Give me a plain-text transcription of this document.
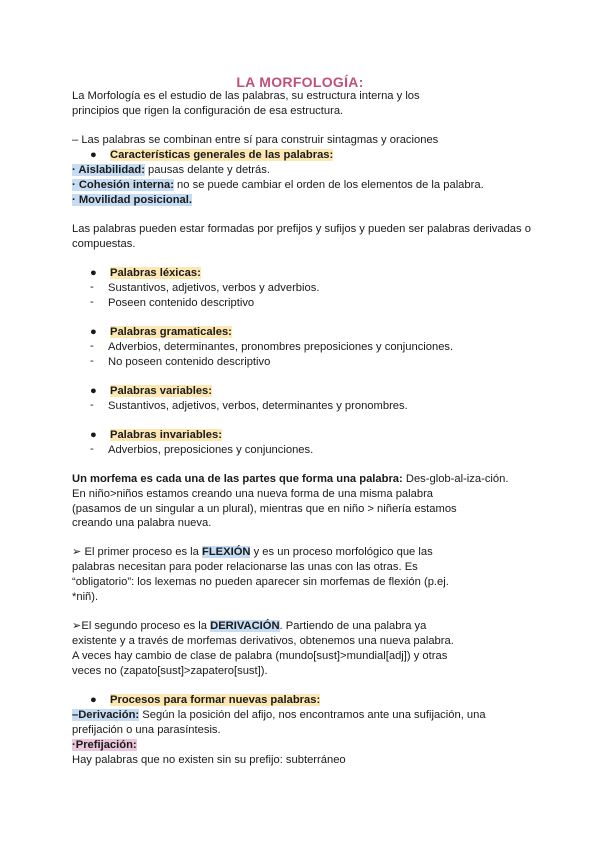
LA MORFOLOGÍA:
La Morfología es el estudio de las palabras, su estructura interna y los
principios que rigen la configuración de esa estructura.
– Las palabras se combinan entre sí para construir sintagmas y oraciones
● Características generales de las palabras:
· Aislabilidad: pausas delante y detrás.
· Cohesión interna: no se puede cambiar el orden de los elementos de la palabra.
· Movilidad posicional.
Las palabras pueden estar formadas por prefijos y sufijos y pueden ser palabras derivadas o
compuestas.
● Palabras léxicas:
- Sustantivos, adjetivos, verbos y adverbios.
- Poseen contenido descriptivo
● Palabras gramaticales:
- Adverbios, determinantes, pronombres preposiciones y conjunciones.
- No poseen contenido descriptivo
● Palabras variables:
- Sustantivos, adjetivos, verbos, determinantes y pronombres.
● Palabras invariables:
- Adverbios, preposiciones y conjunciones.
Un morfema es cada una de las partes que forma una palabra: Des-glob-al-iza-ción.
En niño>niños estamos creando una nueva forma de una misma palabra
(pasamos de un singular a un plural), mientras que en niño > niñería estamos
creando una palabra nueva.
➢ El primer proceso es la FLEXIÓN y es un proceso morfológico que las
palabras necesitan para poder relacionarse las unas con las otras. Es
“obligatorio”: los lexemas no pueden aparecer sin morfemas de flexión (p.ej.
*niñ).
➢El segundo proceso es la DERIVACIÓN. Partiendo de una palabra ya
existente y a través de morfemas derivativos, obtenemos una nueva palabra.
A veces hay cambio de clase de palabra (mundo[sust]>mundial[adj]) y otras
veces no (zapato[sust]>zapatero[sust]).
● Procesos para formar nuevas palabras:
–Derivación: Según la posición del afijo, nos encontramos ante una sufijación, una
prefijación o una parasíntesis.
·Prefijación:
Hay palabras que no existen sin su prefijo: subterráneo
